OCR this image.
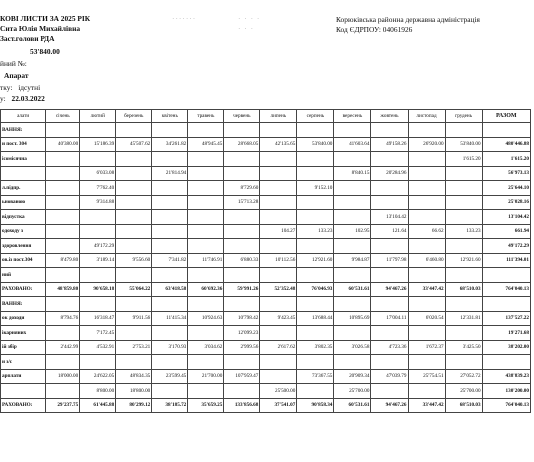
КОВІ ЛИСТИ ЗА 2025 РІК
Сита Юлія Михайлівна
Заст.голови РДА
53'840.00
йний №:
Апарат
тку: ідсутні
у: 22.03.2022
·······	· · · ·
· · ·
Корюківська районна державна адміністрація
Код ЄДРПОУ: 04061926
алати	січень	лютий	березень	квітень	травень	червень	липень	серпень	вересень	жовтень	листопад	грудень	РАЗОМ
ВАННЯ:													
и пост. 304	40'380.00	15'186.39	45'507.62	34'261.82	48'945.45	28'668.05	42'135.65	53'840.00	41'603.64	49'158.26	26'920.00	53'840.00	480'446.88
ісомісячна												1'615.20	1'615.20
		6'033.08		21'814.94					8'840.15	20'284.96			56'973.13
л.підпр.		7'762.40				8'729.60		9'152.10					25'644.10
ьнованою		9'314.88				15'713.28							25'028.16
відпустка										13'104.42			13'104.42
одоходу з							104.27	133.23	102.95	121.64	66.62	133.23	661.94
здоровлення		49'172.29											49'172.29
ов.із пост.304	8'479.80	3'189.14	9'556.60	7'341.82	11'746.91	6'880.33	10'112.56	12'921.60	9'984.87	11'797.98	6'460.80	12'921.60	111'394.01
ний													
РАХОВАНО:	48'859.80	90'658.18	55'064.22	63'418.58	60'692.36	59'991.26	52'352.48	76'046.93	60'531.61	94'467.26	33'447.42	68'510.03	764'040.13
ВАННЯ:													
ок доходи	8'794.76	16'318.47	9'911.56	11'415.34	10'924.63	10'798.42	9'423.45	13'688.44	10'895.69	17'004.11	6'020.54	12'331.81	137'527.22
ікарняних		7'172.45				12'099.23							19'271.68
ій збір	2'442.99	4'532.91	2'753.21	3'170.93	3'034.62	2'999.56	2'617.62	3'802.35	3'026.58	4'723.36	1'672.37	3'425.50	38'202.00
и з/с													
арплати	18'000.00	24'622.05	48'834.35	23'599.45	21'700.00	107'959.47		73'367.55	20'909.34	47'039.79	25'754.51	27'052.72	438'839.23
		8'800.00	18'800.00				25'500.00		25'700.00			25'700.00	130'200.00
РАХОВАНО:	29'237.75	61'445.88	80'299.12	38'185.72	35'659.25	133'856.68	37'541.07	90'858.34	60'531.61	94'467.26	33'447.42	68'510.03	764'040.13
